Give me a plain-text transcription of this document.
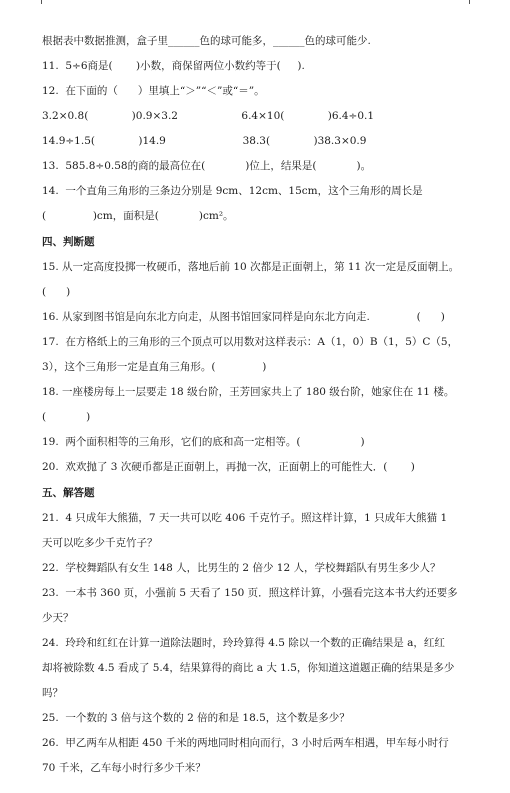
根据表中数据推测，盒子里______色的球可能多，______色的球可能少.
11.  5÷6商是(       )小数，商保留两位小数约等于(     ).
12.  在下面的（      ）里填上“＞”“＜”或“＝”。
3.2×0.8(             )0.9×3.2                   6.4×10(             )6.4÷0.1
14.9÷1.5(             )14.9                       38.3(             )38.3×0.9
13.  585.8÷0.58的商的最高位在(            )位上，结果是(            )。
14.  一个直角三角形的三条边分别是 9cm、12cm、15cm，这个三角形的周长是
(              )cm，面积是(            )cm²。
四、判断题
15. 从一定高度投掷一枚硬币，落地后前 10 次都是正面朝上，第 11 次一定是反面朝上。
(      )
16. 从家到图书馆是向东北方向走，从图书馆回家同样是向东北方向走.              (      )
17.  在方格纸上的三角形的三个顶点可以用数对这样表示：A（1，0）B（1，5）C（5，
3），这个三角形一定是直角三角形。(              )
18. 一座楼房每上一层要走 18 级台阶，王芳回家共上了 180 级台阶，她家住在 11 楼。
(            )
19.  两个面积相等的三角形，它们的底和高一定相等。(                  )
20.  欢欢抛了 3 次硬币都是正面朝上，再抛一次，正面朝上的可能性大．(       )
五、解答题
21.  4 只成年大熊猫，7 天一共可以吃 406 千克竹子。照这样计算，1 只成年大熊猫 1
天可以吃多少千克竹子？
22.  学校舞蹈队有女生 148 人，比男生的 2 倍少 12 人，学校舞蹈队有男生多少人？
23.  一本书 360 页，小强前 5 天看了 150 页．照这样计算，小强看完这本书大约还要多
少天？
24.  玲玲和红红在计算一道除法题时，玲玲算得 4.5 除以一个数的正确结果是 a，红红
却将被除数 4.5 看成了 5.4，结果算得的商比 a 大 1.5，你知道这道题正确的结果是多少
吗？
25.  一个数的 3 倍与这个数的 2 倍的和是 18.5，这个数是多少？
26.  甲乙两车从相距 450 千米的两地同时相向而行，3 小时后两车相遇，甲车每小时行
70 千米，乙车每小时行多少千米？
